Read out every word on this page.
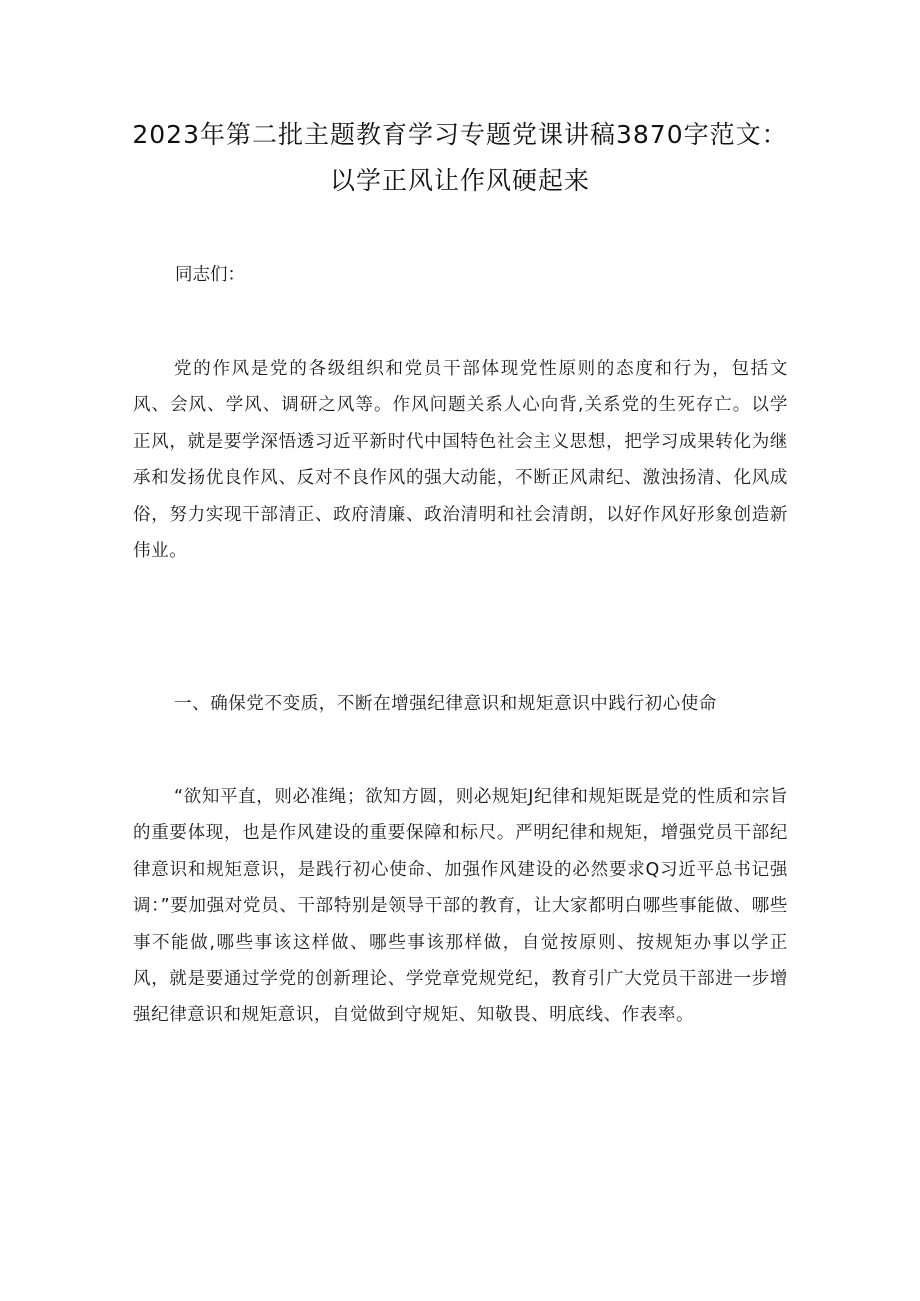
2023年第二批主题教育学习专题党课讲稿3870字范文：以学正风让作风硬起来
同志们：

党的作风是党的各级组织和党员干部体现党性原则的态度和行为，包括文风、会风、学风、调研之风等。作风问题关系人心向背,关系党的生死存亡。以学正风，就是要学深悟透习近平新时代中国特色社会主义思想，把学习成果转化为继承和发扬优良作风、反对不良作风的强大动能，不断正风肃纪、激浊扬清、化风成俗，努力实现干部清正、政府清廉、政治清明和社会清朗，以好作风好形象创造新伟业。

一、确保党不变质，不断在增强纪律意识和规矩意识中践行初心使命

“欲知平直，则必准绳；欲知方圆，则必规矩J纪律和规矩既是党的性质和宗旨的重要体现，也是作风建设的重要保障和标尺。严明纪律和规矩，增强党员干部纪律意识和规矩意识，是践行初心使命、加强作风建设的必然要求Q习近平总书记强调：”要加强对党员、干部特别是领导干部的教育，让大家都明白哪些事能做、哪些事不能做,哪些事该这样做、哪些事该那样做，自觉按原则、按规矩办事以学正风，就是要通过学党的创新理论、学党章党规党纪，教育引广大党员干部进一步增强纪律意识和规矩意识，自觉做到守规矩、知敬畏、明底线、作表率。
